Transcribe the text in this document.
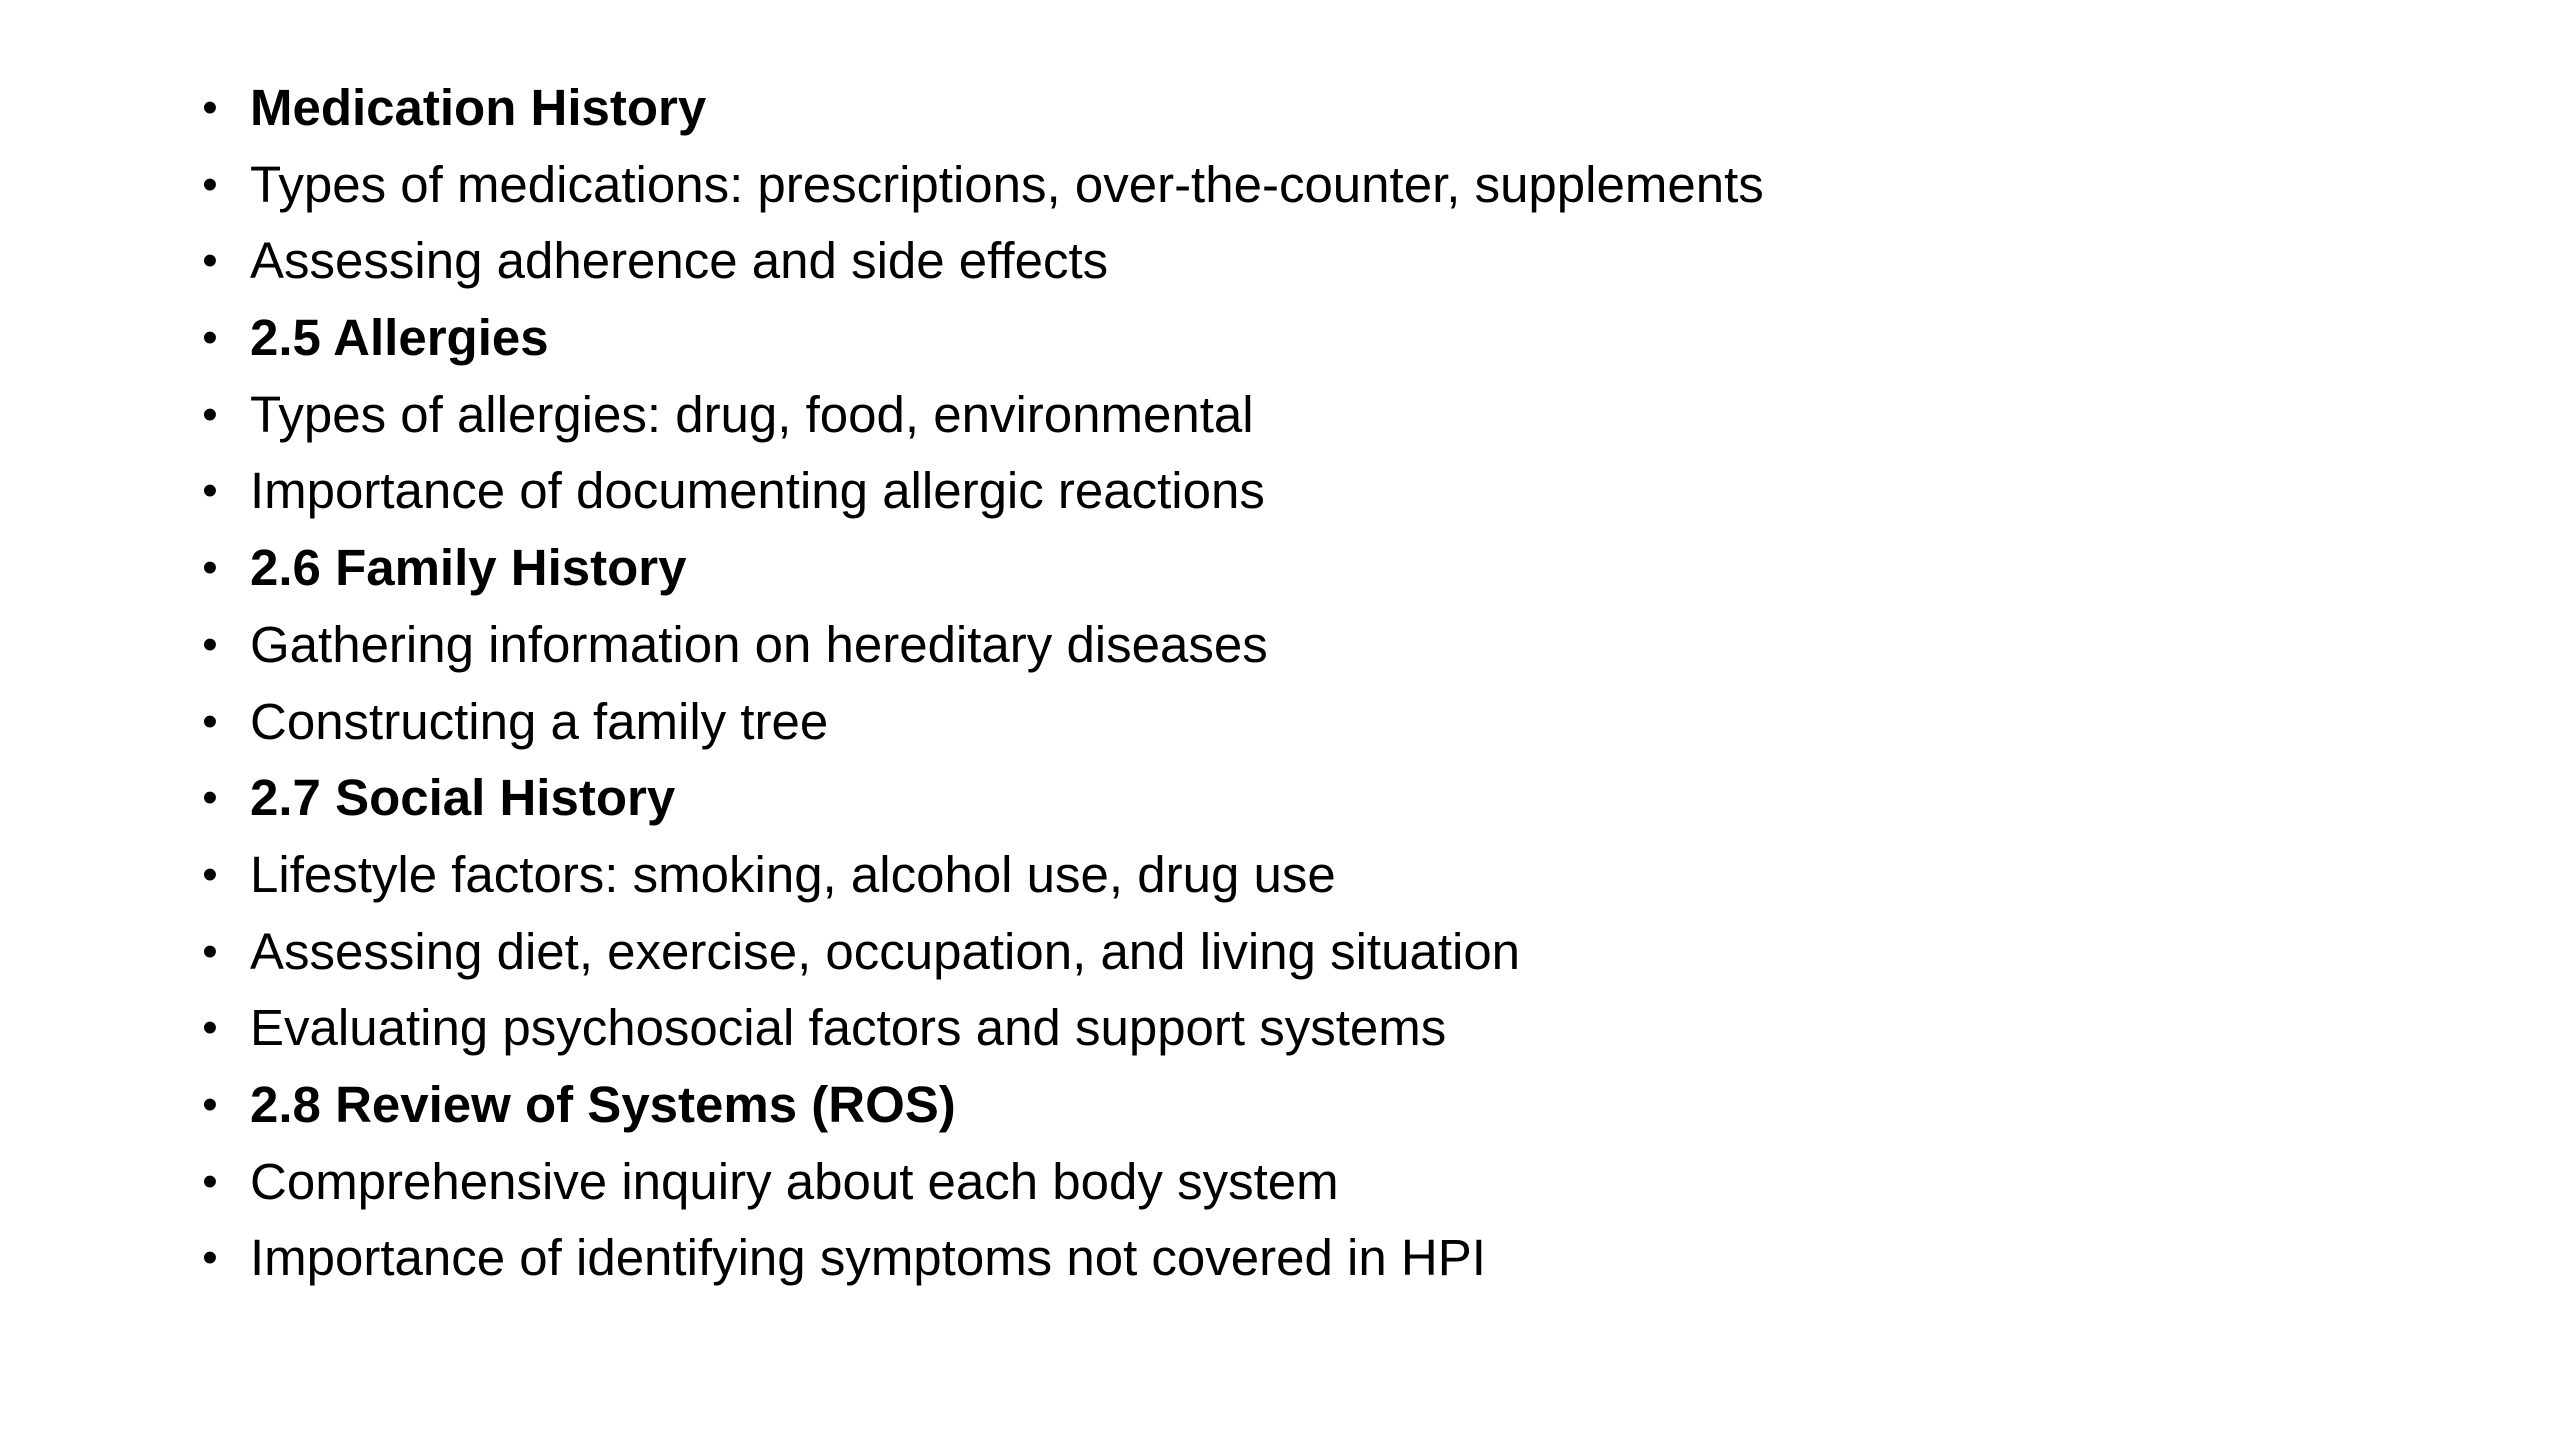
• Medication History
• Types of medications: prescriptions, over-the-counter, supplements
• Assessing adherence and side effects
• 2.5 Allergies
• Types of allergies: drug, food, environmental
• Importance of documenting allergic reactions
• 2.6 Family History
• Gathering information on hereditary diseases
• Constructing a family tree
• 2.7 Social History
• Lifestyle factors: smoking, alcohol use, drug use
• Assessing diet, exercise, occupation, and living situation
• Evaluating psychosocial factors and support systems
• 2.8 Review of Systems (ROS)
• Comprehensive inquiry about each body system
• Importance of identifying symptoms not covered in HPI
